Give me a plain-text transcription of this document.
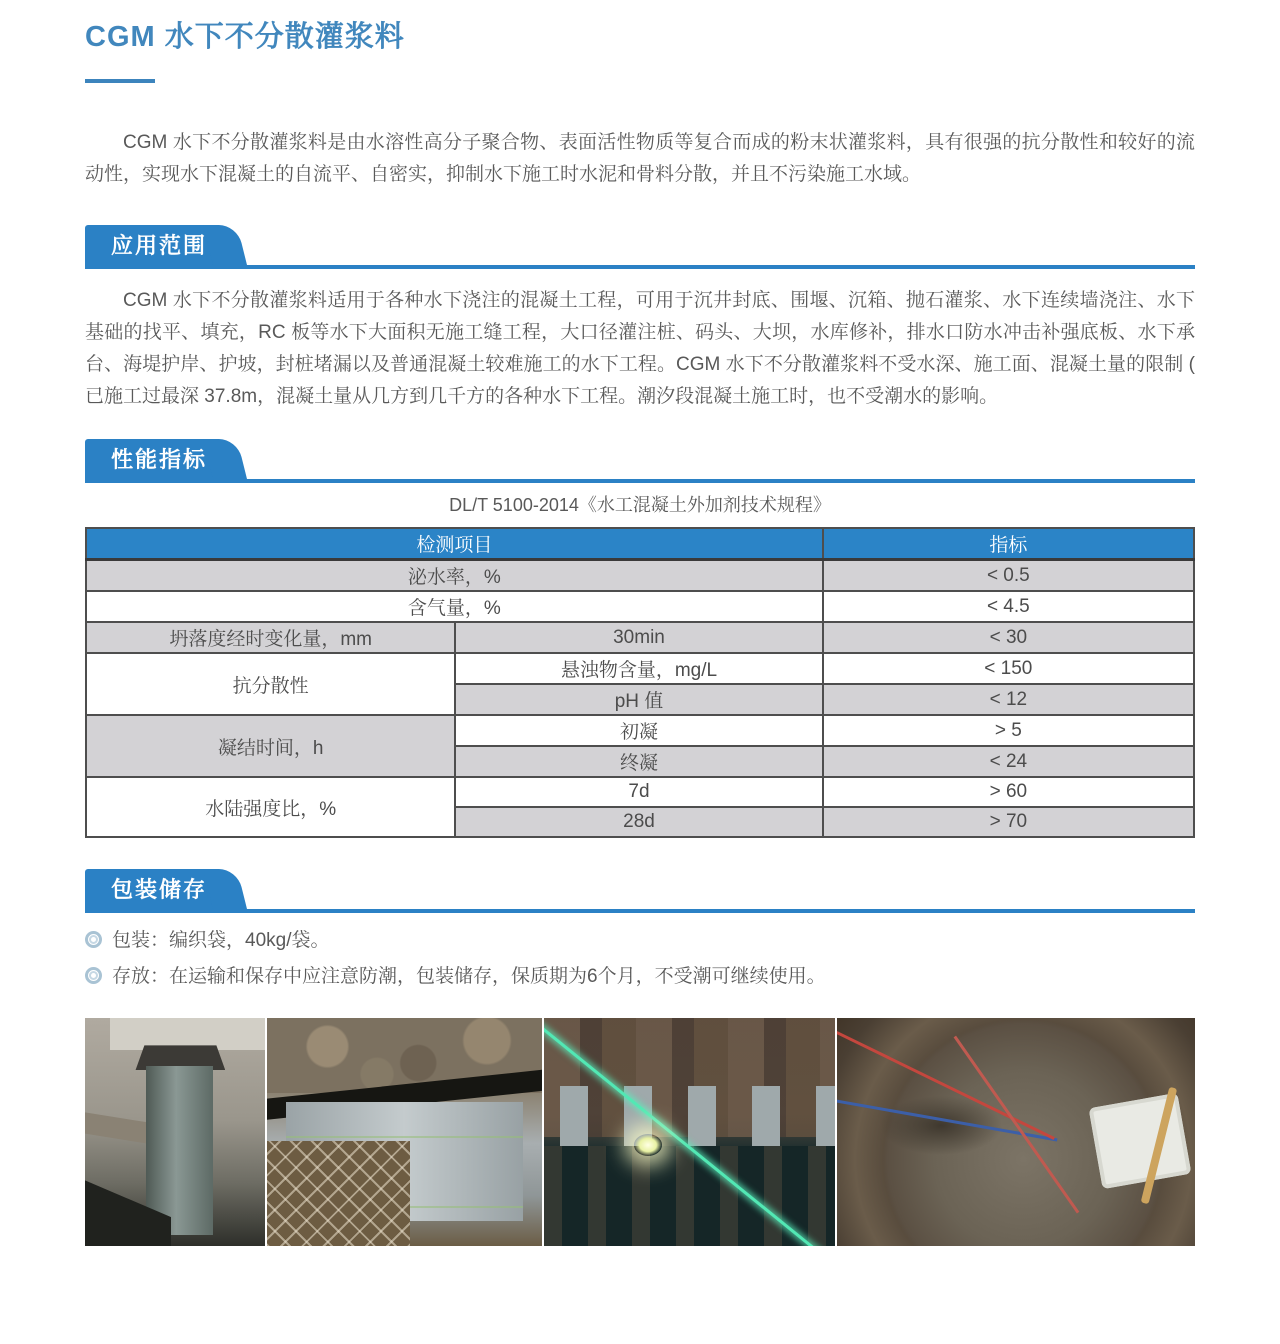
CGM 水下不分散灌浆料

CGM 水下不分散灌浆料是由水溶性高分子聚合物、表面活性物质等复合而成的粉末状灌浆料，具有很强的抗分散性和较好的流动性，实现水下混凝土的自流平、自密实，抑制水下施工时水泥和骨料分散，并且不污染施工水域。

应用范围

CGM 水下不分散灌浆料适用于各种水下浇注的混凝土工程，可用于沉井封底、围堰、沉箱、抛石灌浆、水下连续墙浇注、水下基础的找平、填充，RC 板等水下大面积无施工缝工程，大口径灌注桩、码头、大坝，水库修补，排水口防水冲击补强底板、水下承台、海堤护岸、护坡，封桩堵漏以及普通混凝土较难施工的水下工程。CGM 水下不分散灌浆料不受水深、施工面、混凝土量的限制 ( 已施工过最深 37.8m，混凝土量从几方到几千方的各种水下工程。潮汐段混凝土施工时，也不受潮水的影响。

性能指标
DL/T 5100-2014《水工混凝土外加剂技术规程》
检测项目		指标
泌水率，%		< 0.5
含气量，%		< 4.5
坍落度经时变化量，mm	30min	< 30
抗分散性	悬浊物含量，mg/L	< 150
	pH 值	< 12
凝结时间，h	初凝	> 5
	终凝	< 24
水陆强度比，%	7d	> 60
	28d	> 70
包装储存
包装：编织袋，40kg/袋。
存放：在运输和保存中应注意防潮，包装储存，保质期为6个月，不受潮可继续使用。
